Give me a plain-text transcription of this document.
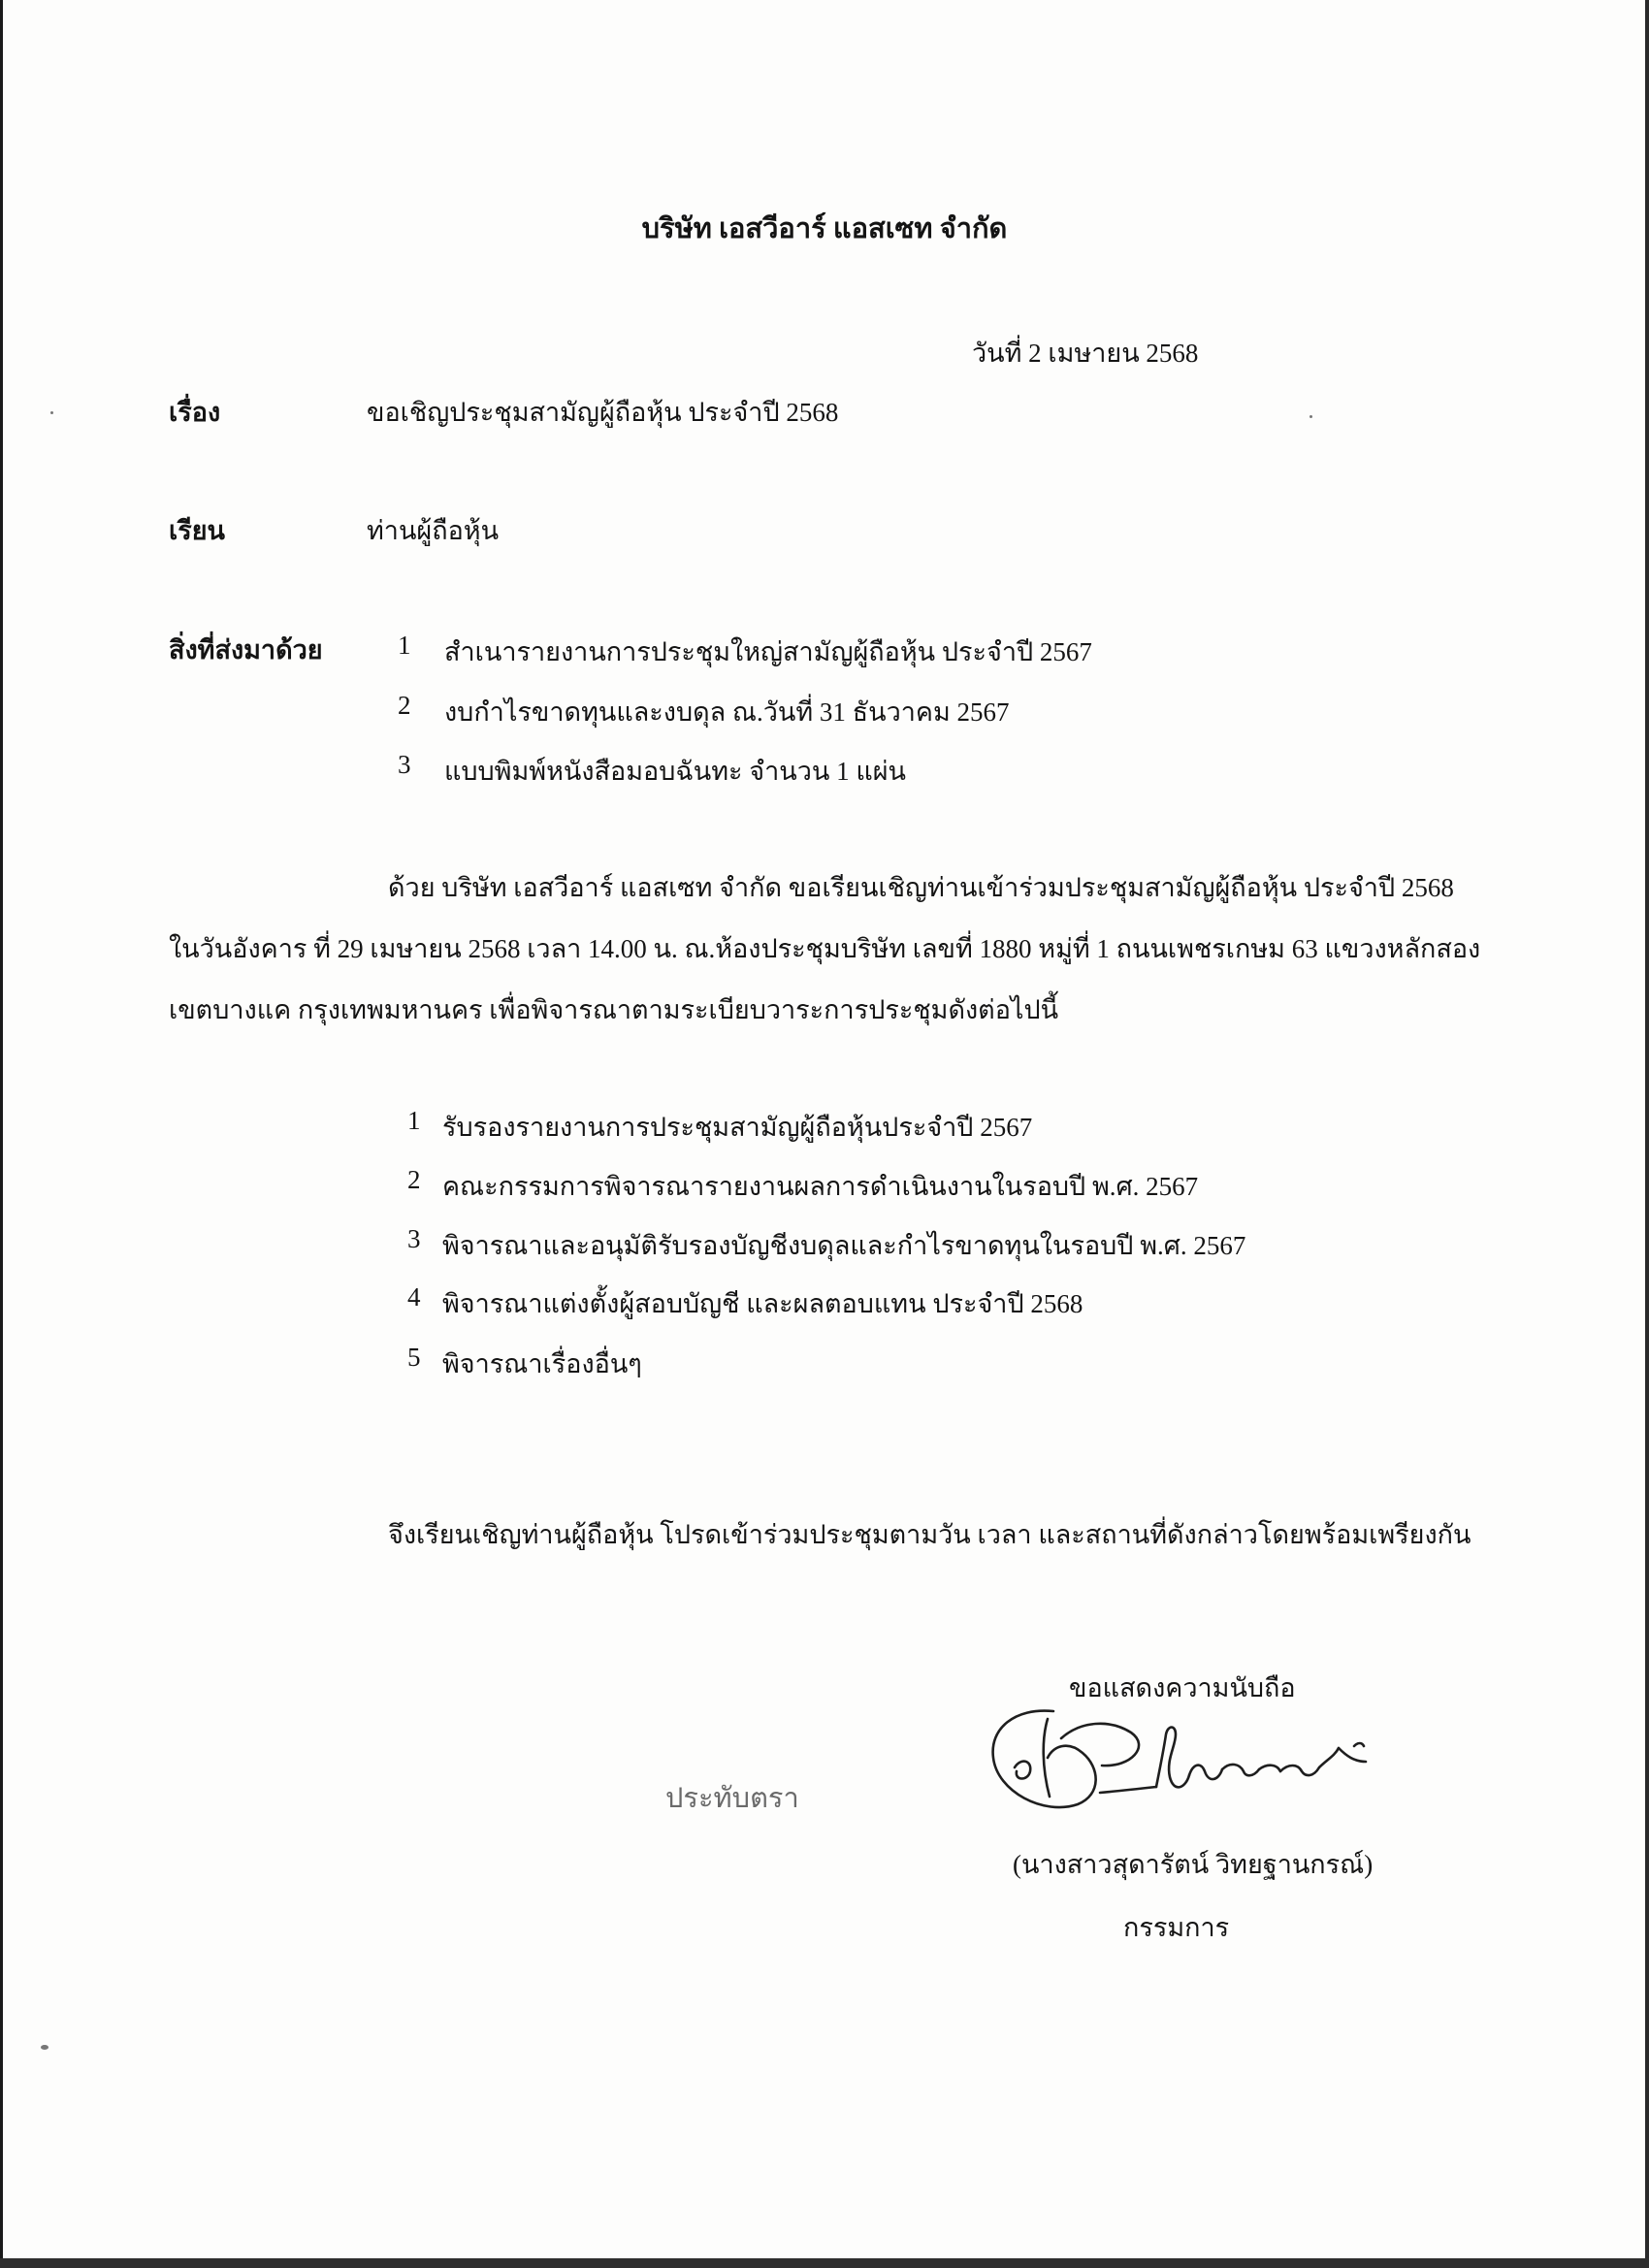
บริษัท เอสวีอาร์ แอสเซท จำกัด
วันที่ 2 เมษายน 2568
เรื่อง	ขอเชิญประชุมสามัญผู้ถือหุ้น ประจำปี 2568
เรียน	ท่านผู้ถือหุ้น
สิ่งที่ส่งมาด้วย	1 สำเนารายงานการประชุมใหญ่สามัญผู้ถือหุ้น ประจำปี 2567
2 งบกำไรขาดทุนและงบดุล ณ.วันที่ 31 ธันวาคม 2567
3 แบบพิมพ์หนังสือมอบฉันทะ จำนวน 1 แผ่น
ด้วย บริษัท เอสวีอาร์ แอสเซท จำกัด ขอเรียนเชิญท่านเข้าร่วมประชุมสามัญผู้ถือหุ้น ประจำปี 2568
ในวันอังคาร ที่ 29 เมษายน 2568 เวลา 14.00 น. ณ.ห้องประชุมบริษัท เลขที่ 1880 หมู่ที่ 1 ถนนเพชรเกษม 63 แขวงหลักสอง
เขตบางแค กรุงเทพมหานคร เพื่อพิจารณาตามระเบียบวาระการประชุมดังต่อไปนี้
1 รับรองรายงานการประชุมสามัญผู้ถือหุ้นประจำปี 2567
2 คณะกรรมการพิจารณารายงานผลการดำเนินงานในรอบปี พ.ศ. 2567
3 พิจารณาและอนุมัติรับรองบัญชีงบดุลและกำไรขาดทุนในรอบปี พ.ศ. 2567
4 พิจารณาแต่งตั้งผู้สอบบัญชี และผลตอบแทน ประจำปี 2568
5 พิจารณาเรื่องอื่นๆ
จึงเรียนเชิญท่านผู้ถือหุ้น โปรดเข้าร่วมประชุมตามวัน เวลา และสถานที่ดังกล่าวโดยพร้อมเพรียงกัน
ขอแสดงความนับถือ
ประทับตรา
(นางสาวสุดารัตน์ วิทยฐานกรณ์)
กรรมการ
